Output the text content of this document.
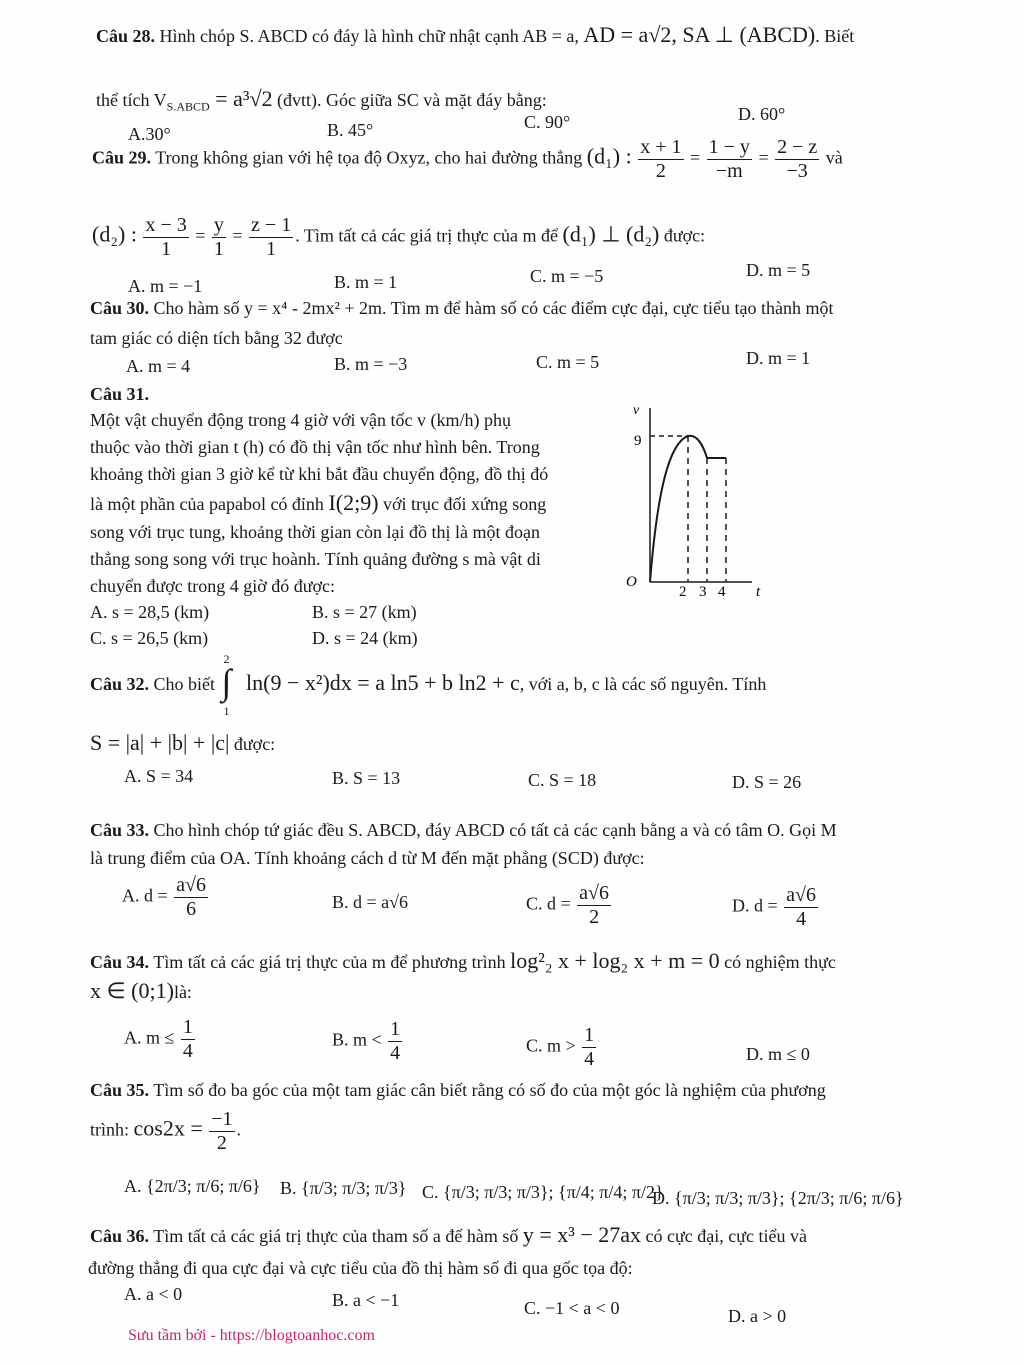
Câu 28. Hình chóp S. ABCD có đáy là hình chữ nhật cạnh AB = a, AD = a√2, SA ⊥ (ABCD). Biết
thể tích $V_{S.ABCD} = a^3√2$ (đvtt). Góc giữa SC và mặt đáy bằng:
A.30°	B. 45°	C. 90°	D. 60°
Câu 29. Trong không gian với hệ tọa độ Oxyz, cho hai đường thẳng (d₁) : $\frac{x + 1}{2} = \frac{1 - y}{-m} = \frac{2 - z}{-3}$ và
(d₂) : $\frac{x - 3}{1} = \frac{y}{1} = \frac{z - 1}{1}$ . Tìm tất cả các giá trị thực của m để (d₁) ⊥ (d₂) được:
A. m = −1	B. m = 1	C. m = −5	D. m = 5
Câu 30. Cho hàm số y = x⁴ - 2mx² + 2m. Tìm m để hàm số có các điểm cực đại, cực tiểu tạo thành một
tam giác có diện tích bằng 32 được
A. m = 4	B. m = −3	C. m = 5	D. m = 1
Câu 31.
Một vật chuyển động trong 4 giờ với vận tốc v (km/h) phụ
thuộc vào thời gian t (h) có đồ thị vận tốc như hình bên. Trong
khoảng thời gian 3 giờ kể từ khi bắt đầu chuyển động, đồ thị đó
là một phần của papabol có đỉnh I(2;9) với trục đối xứng song
song với trục tung, khoảng thời gian còn lại đồ thị là một đoạn
thẳng song song với trục hoành. Tính quảng đường s mà vật di
chuyển được trong 4 giờ đó được:
A. s = 28,5 (km)	B. s = 27 (km)
C. s = 26,5 (km)	D. s = 24 (km)
v
t
O
9
2 3 4
Câu 32. Cho biết
2
∫
1
ln(9 − x²)dx = a ln5 + b ln2 + c, với a, b, c là các số nguyên. Tính
S = |a| + |b| + |c| được:
A. S = 34	B. S = 13	C. S = 18	D. S = 26
Câu 33. Cho hình chóp tứ giác đều S. ABCD, đáy ABCD có tất cả các cạnh bằng a và có tâm O. Gọi M
là trung điểm của OA. Tính khoảng cách d từ M đến mặt phẳng (SCD) được:
A. $d = \frac{a√6}{6}$	B. d = a√6	C. $d = \frac{a√6}{2}$	D. $d = \frac{a√6}{4}$
Câu 34. Tìm tất cả các giá trị thực của m để phương trình log²₂ x + log₂ x + m = 0 có nghiệm thực
x ∈ (0;1)là:
A. $m \le \frac{1}{4}$	B. $m < \frac{1}{4}$	C. $m > \frac{1}{4}$	D. m ≤ 0
Câu 35. Tìm số đo ba góc của một tam giác cân biết rằng có số đo của một góc là nghiệm của phương
trình: $\cos 2x = \frac{-1}{2}$ .
A. {2π/3; π/6; π/6} B. {π/3; π/3; π/3} C. {π/3; π/3; π/3}; {π/4; π/4; π/2}
D. {π/3; π/3; π/3}; {2π/3; π/6; π/6}
Câu 36. Tìm tất cả các giá trị thực của tham số a để hàm số y = x³ − 27ax có cực đại, cực tiểu và
đường thẳng đi qua cực đại và cực tiểu của đồ thị hàm số đi qua gốc tọa độ:
A. a < 0	B. a < −1	C. −1 < a < 0	D. a > 0
Sưu tầm bởi - https://blogtoanhoc.com
